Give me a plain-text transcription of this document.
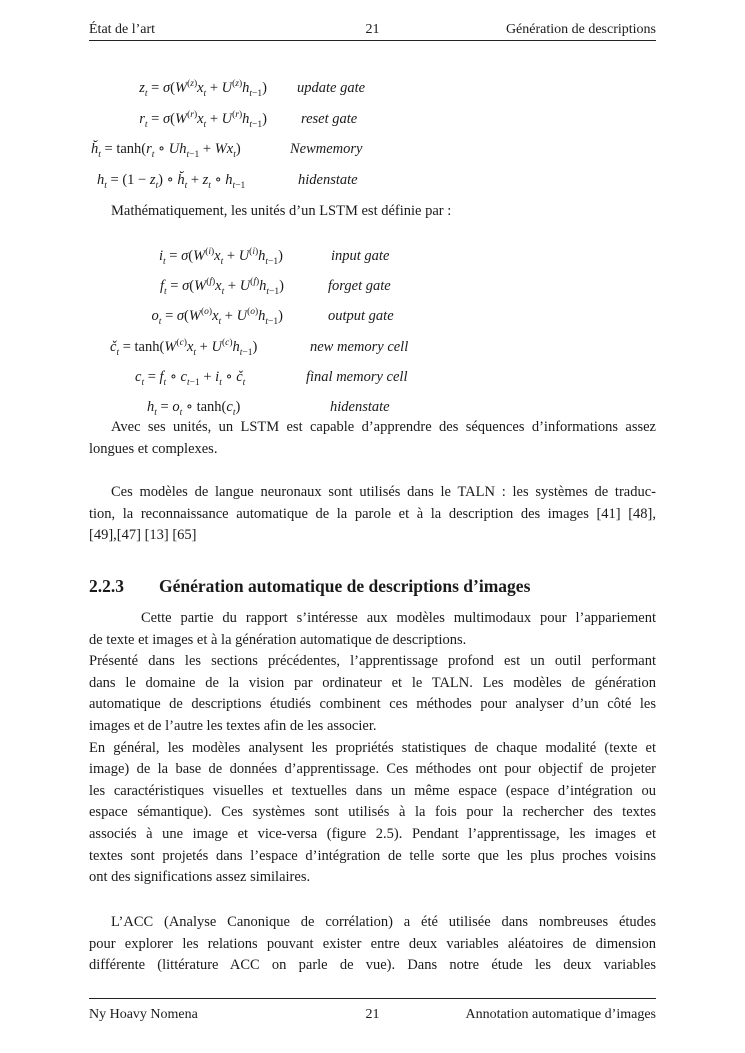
État de l’art	21	Génération de descriptions
$z_t = \sigma(W^{(z)}x_t + U^{(z)}h_{t-1})$ update gate
$r_t = \sigma(W^{(r)}x_t + U^{(r)}h_{t-1})$ reset gate
$h̆_t = \tanh(r_t$ ∘ $Uh_{t-1} + Wx_t$)	Newmemory
$h_t = (1 - z_t)$ ∘ $h̆_t + z_t$ ∘ $h_{t-1}$	hidenstate
Mathématiquement, les unités d’un LSTM est définie par :
$i_t = \sigma(W^{(i)}x_t + U^{(i)}h_{t-1})$	input gate
$f_t = \sigma(W^{(f)}x_t + U^{(f)}h_{t-1})$	forget gate
$o_t = \sigma(W^{(o)}x_t + U^{(o)}h_{t-1})$	output gate
$č_t = \tanh(W^{(c)}x_t + U^{(c)}h_{t-1})$	new memory cell
$c_t = f_t$ ∘ $c_{t-1} + i_t$ ∘ $č_t$	final memory cell
$h_t = o_t$ ∘ $\tanh(c_t)$	hidenstate
Avec ses unités, un LSTM est capable d’apprendre des séquences d’informations assez
longues et complexes.
Ces modèles de langue neuronaux sont utilisés dans le TALN : les systèmes de traduc-
tion, la reconnaissance automatique de la parole et à la description des images [41] [48],
[49],[47] [13] [65]
2.2.3 Génération automatique de descriptions d’images
Cette partie du rapport s’intéresse aux modèles multimodaux pour l’appariement
de texte et images et à la génération automatique de descriptions.
Présenté dans les sections précédentes, l’apprentissage profond est un outil performant
dans le domaine de la vision par ordinateur et le TALN. Les modèles de génération
automatique de descriptions étudiés combinent ces méthodes pour analyser d’un côté les
images et de l’autre les textes afin de les associer.
En général, les modèles analysent les propriétés statistiques de chaque modalité (texte et
image) de la base de données d’apprentissage. Ces méthodes ont pour objectif de projeter
les caractéristiques visuelles et textuelles dans un même espace (espace d’intégration ou
espace sémantique). Ces systèmes sont utilisés à la fois pour la rechercher des textes
associés à une image et vice-versa (figure 2.5). Pendant l’apprentissage, les images et
textes sont projetés dans l’espace d’intégration de telle sorte que les plus proches voisins
ont des significations assez similaires.
L’ACC (Analyse Canonique de corrélation) a été utilisée dans nombreuses études
pour explorer les relations pouvant exister entre deux variables aléatoires de dimension
différente (littérature ACC on parle de vue). Dans notre étude les deux variables
Ny Hoavy Nomena	21	Annotation automatique d’images
